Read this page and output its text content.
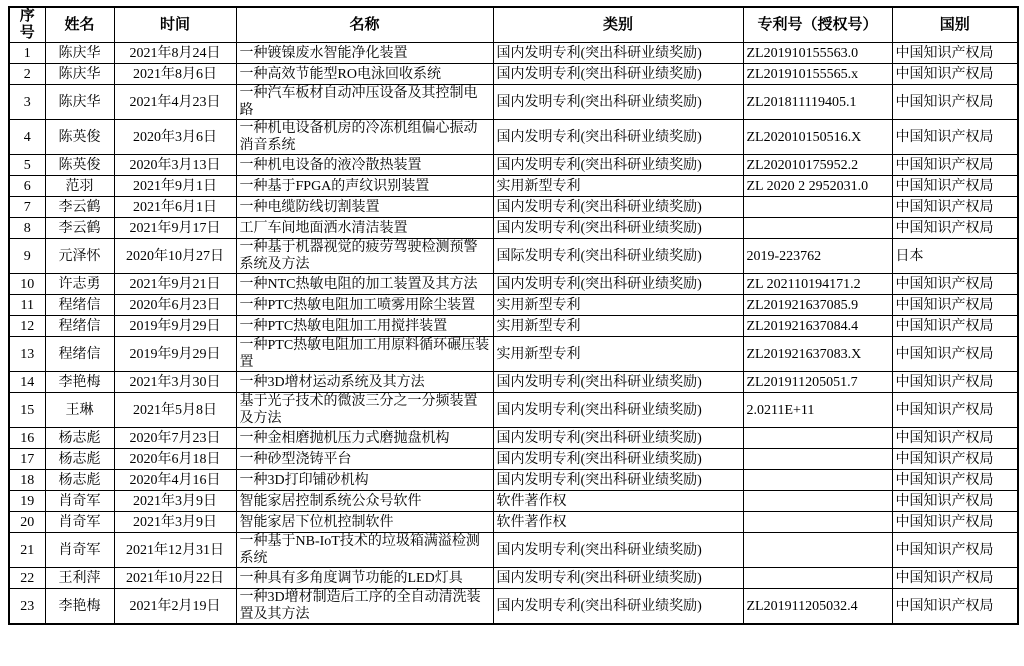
序号	姓名	时间	名称	类别	专利号（授权号）	国别
1	陈庆华	2021年8月24日	一种镀镍废水智能净化装置	国内发明专利(突出科研业绩奖励)	ZL201910155563.0	中国知识产权局
2	陈庆华	2021年8月6日	一种高效节能型RO电泳回收系统	国内发明专利(突出科研业绩奖励)	ZL201910155565.x	中国知识产权局
3	陈庆华	2021年4月23日	一种汽车板材自动冲压设备及其控制电路	国内发明专利(突出科研业绩奖励)	ZL201811119405.1	中国知识产权局
4	陈英俊	2020年3月6日	一种机电设备机房的冷冻机组偏心振动消音系统	国内发明专利(突出科研业绩奖励)	ZL202010150516.X	中国知识产权局
5	陈英俊	2020年3月13日	一种机电设备的液冷散热装置	国内发明专利(突出科研业绩奖励)	ZL202010175952.2	中国知识产权局
6	范羽	2021年9月1日	一种基于FPGA的声纹识别装置	实用新型专利	ZL 2020 2 2952031.0	中国知识产权局
7	李云鹤	2021年6月1日	一种电缆防线切割装置	国内发明专利(突出科研业绩奖励)		中国知识产权局
8	李云鹤	2021年9月17日	工厂车间地面洒水清洁装置	国内发明专利(突出科研业绩奖励)		中国知识产权局
9	元泽怀	2020年10月27日	一种基于机器视觉的疲劳驾驶检测预警系统及方法	国际发明专利(突出科研业绩奖励)	2019-223762	日本
10	许志勇	2021年9月21日	一种NTC热敏电阻的加工装置及其方法	国内发明专利(突出科研业绩奖励)	ZL 202110194171.2	中国知识产权局
11	程绪信	2020年6月23日	一种PTC热敏电阻加工喷雾用除尘装置	实用新型专利	ZL201921637085.9	中国知识产权局
12	程绪信	2019年9月29日	一种PTC热敏电阻加工用搅拌装置	实用新型专利	ZL201921637084.4	中国知识产权局
13	程绪信	2019年9月29日	一种PTC热敏电阻加工用原料循环碾压装置	实用新型专利	ZL201921637083.X	中国知识产权局
14	李艳梅	2021年3月30日	一种3D增材运动系统及其方法	国内发明专利(突出科研业绩奖励)	ZL201911205051.7	中国知识产权局
15	王琳	2021年5月8日	基于光子技术的微波三分之一分频装置及方法	国内发明专利(突出科研业绩奖励)	2.0211E+11	中国知识产权局
16	杨志彪	2020年7月23日	一种金相磨抛机压力式磨抛盘机构	国内发明专利(突出科研业绩奖励)		中国知识产权局
17	杨志彪	2020年6月18日	一种砂型浇铸平台	国内发明专利(突出科研业绩奖励)		中国知识产权局
18	杨志彪	2020年4月16日	一种3D打印铺砂机构	国内发明专利(突出科研业绩奖励)		中国知识产权局
19	肖奇军	2021年3月9日	智能家居控制系统公众号软件	软件著作权		中国知识产权局
20	肖奇军	2021年3月9日	智能家居下位机控制软件	软件著作权		中国知识产权局
21	肖奇军	2021年12月31日	一种基于NB-IoT技术的垃圾箱满溢检测系统	国内发明专利(突出科研业绩奖励)		中国知识产权局
22	王利萍	2021年10月22日	一种具有多角度调节功能的LED灯具	国内发明专利(突出科研业绩奖励)		中国知识产权局
23	李艳梅	2021年2月19日	一种3D增材制造后工序的全自动清洗装置及其方法	国内发明专利(突出科研业绩奖励)	ZL201911205032.4	中国知识产权局
